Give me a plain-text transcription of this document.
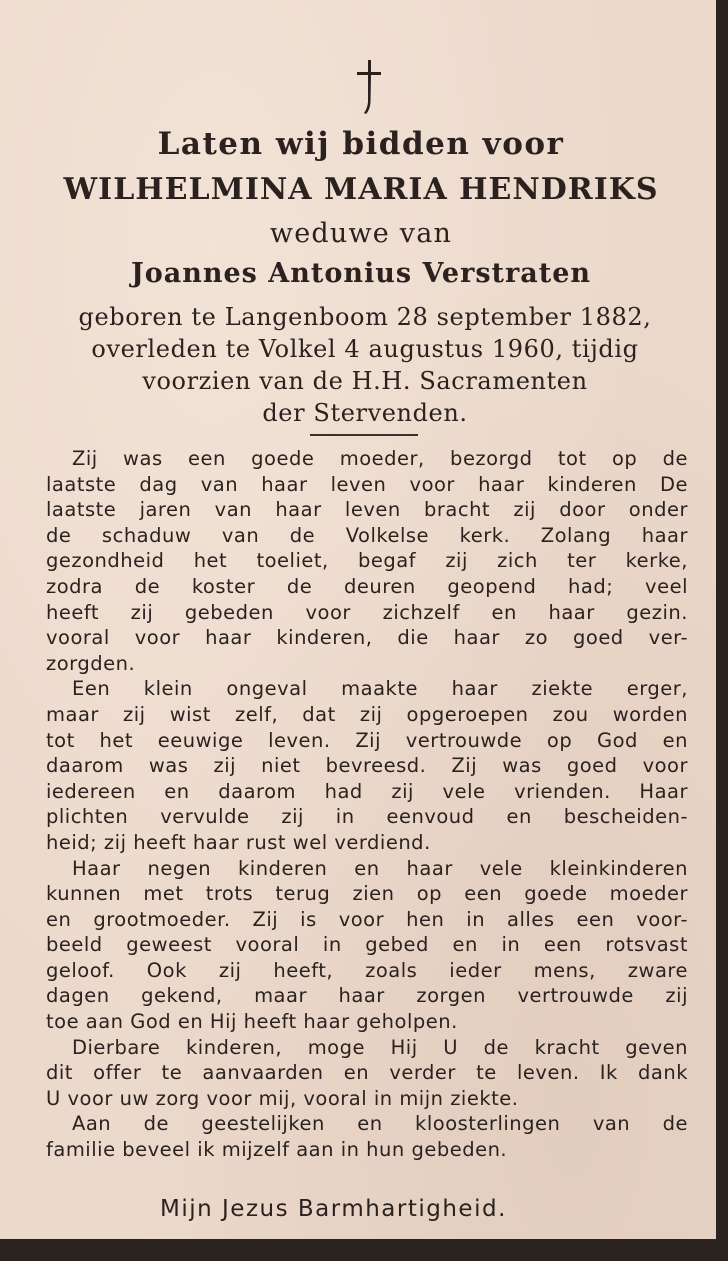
Laten wij bidden voor
WILHELMINA MARIA HENDRIKS
weduwe van
Joannes Antonius Verstraten
geboren te Langenboom 28 september 1882,
overleden te Volkel 4 augustus 1960, tijdig
voorzien van de H.H. Sacramenten
der Stervenden.
Zij was een goede moeder, bezorgd tot op de
laatste dag van haar leven voor haar kinderen De
laatste jaren van haar leven bracht zij door onder
de schaduw van de Volkelse kerk. Zolang haar
gezondheid het toeliet, begaf zij zich ter kerke,
zodra de koster de deuren geopend had; veel
heeft zij gebeden voor zichzelf en haar gezin.
vooral voor haar kinderen, die haar zo goed ver-
zorgden.
Een klein ongeval maakte haar ziekte erger,
maar zij wist zelf, dat zij opgeroepen zou worden
tot het eeuwige leven. Zij vertrouwde op God en
daarom was zij niet bevreesd. Zij was goed voor
iedereen en daarom had zij vele vrienden. Haar
plichten vervulde zij in eenvoud en bescheiden-
heid; zij heeft haar rust wel verdiend.
Haar negen kinderen en haar vele kleinkinderen
kunnen met trots terug zien op een goede moeder
en grootmoeder. Zij is voor hen in alles een voor-
beeld geweest vooral in gebed en in een rotsvast
geloof. Ook zij heeft, zoals ieder mens, zware
dagen gekend, maar haar zorgen vertrouwde zij
toe aan God en Hij heeft haar geholpen.
Dierbare kinderen, moge Hij U de kracht geven
dit offer te aanvaarden en verder te leven. Ik dank
U voor uw zorg voor mij, vooral in mijn ziekte.
Aan de geestelijken en kloosterlingen van de
familie beveel ik mijzelf aan in hun gebeden.
Mijn Jezus Barmhartigheid.
